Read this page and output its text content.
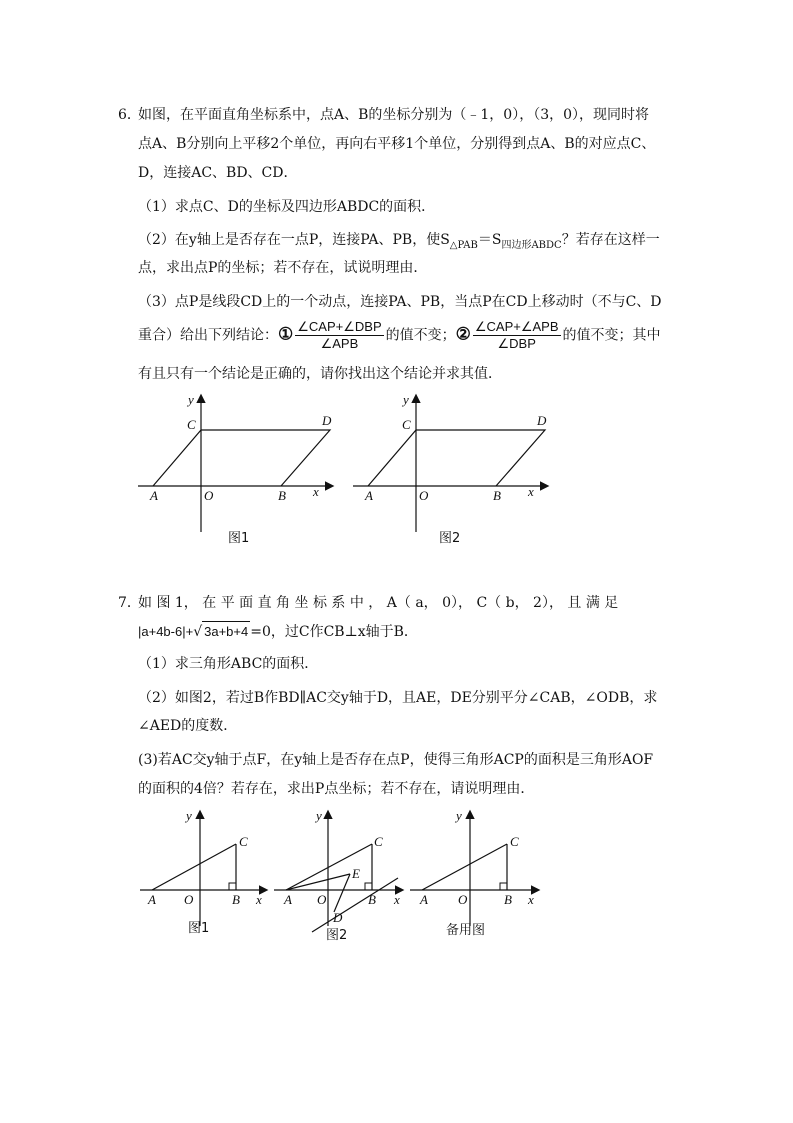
6．
如图，在平面直角坐标系中，点A、B的坐标分别为（﹣1，0），（3，0），现同时将
点A、B分别向上平移2个单位，再向右平移1个单位，分别得到点A、B的对应点C、
D，连接AC、BD、CD．
（1）求点C、D的坐标及四边形ABDC的面积．
（2）在y轴上是否存在一点P，连接PA、PB，使$S_{\triangle PAB}=S_{四边形ABDC}$？若存在这样一
点，求出点P的坐标；若不存在，试说明理由．
（3）点P是线段CD上的一个动点，连接PA、PB，当点P在CD上移动时（不与C、D
重合）给出下列结论：① $\frac{\text{∠CAP+∠DBP}}{\text{∠APB}}$ 的值不变；② $\frac{\text{∠CAP+∠APB}}{\text{∠DBP}}$ 的值不变；其中
有且只有一个结论是正确的，请你找出这个结论并求其值．
y
C	D
A	O	B x
图1
y
C	D
A	O	B x
图2
7．
如 图 1， 在 平 面 直 角 坐 标 系 中 ， A（ a， 0）， C（ b， 2）， 且 满 足
|a+4b-6|+√ 3a+b+4 =0，过C作CB⊥x轴于B．
（1）求三角形ABC的面积．
（2）如图2，若过B作BD∥AC交y轴于D，且AE，DE分别平分∠CAB，∠ODB，求
∠AED的度数．
(3)若AC交y轴于点F，在y轴上是否存在点P，使得三角形ACP的面积是三角形AOF
的面积的4倍？若存在，求出P点坐标；若不存在，请说明理由．
y
C
A O	B x
图1
y
C
E
A O	B x
D
图2
y
C
A O	B x
备用图
